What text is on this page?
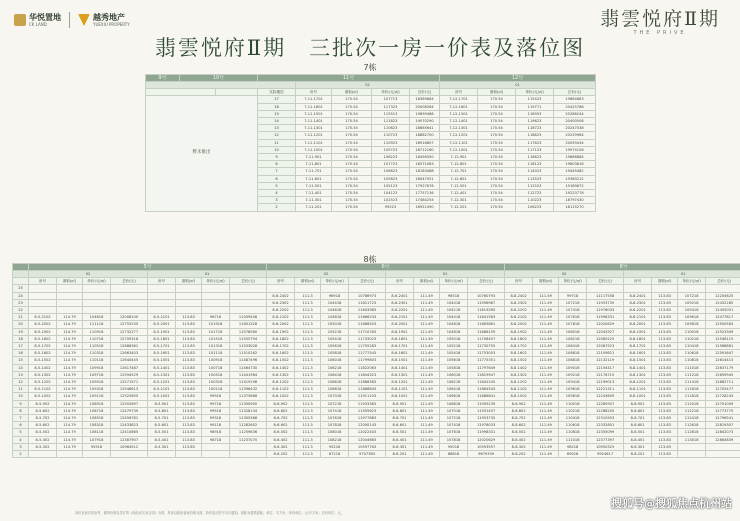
华悦置地
CK LAND
越秀地产
YUEXIU PROPERTY	翡雲悦府Ⅱ期
THE PRIVE
翡雲悦府Ⅱ期　三批次一房一价表及落位图
7栋
9号	10号		11号					12号			
				02				01			
			实际楼层	房号	面积(㎡)	单价(元/㎡)	总价(元)	房号	面积(㎡)	单价(元/㎡)	总价(元)
暂未推出			17	7-11-1701	170.54	107713	18369864	7-12-1701	170.54	115423	19684883
			16	7-11-1601	170.54	117323	20008264	7-12-1601	170.54	119771	20425788
			15	7-11-1501	170.54	115513	19699468	7-12-1501	170.54	118953	20286244
			14	7-11-1401	170.54	111823	19070290	7-12-1401	170.54	119623	20400508
			13	7-11-1301	170.54	110623	18865641	7-12-1301	170.54	118723	20247038
			12	7-11-1201	170.54	110723	18882700	7-12-1201	170.54	118623	20229984
			11	7-11-1101	170.54	110923	18916807	7-12-1101	170.54	117623	20059434
			10	7-11-1001	170.54	109723	18712160	7-12-1001	170.54	117123	19974156
			9	7-11-901	170.54	108223	18456350	7-12-901	170.54	116623	19888884
			8	7-11-801	170.54	107723	18371083	7-12-801	170.54	116123	19803616
			7	7-11-701	170.54	106623	18183488	7-12-701	170.54	114023	19445482
			6	7-11-601	170.54	105823	18047051	7-12-601	170.54	113523	19360212
			5	7-11-501	170.54	105123	17927676	7-12-501	170.54	112523	19189672
			4	7-11-401	170.54	104123	17757136	7-12-401	170.54	112723	19223778
			3	7-11-301	170.54	102523	17484254	7-12-301	170.54	110223	18797430
			2	7-11-201	170.54	99223	16921490	7-12-201	170.54	106223	18115270
8栋
	5号								6号								8号							
	02				01				02				01				02				01			
	房号	面积(㎡)	单价(元/㎡)	总价(元)	房号	面积(㎡)	单价(元/㎡)	总价(元)	房号	面积(㎡)	单价(元/㎡)	总价(元)	房号	面积(㎡)	单价(元/㎡)	总价(元)	房号	面积(㎡)	单价(元/㎡)	总价(元)	房号	面积(㎡)	单价(元/㎡)	总价(元)
25																								
24									8-6-2402	111.3	96918	10786973	8-6-2401	111.49	96518	10760793	8-8-2402	111.49	99718	11117558	8-8-2401	113.83	107218	12204625
23									8-6-2302	111.3	104418	11621723	8-6-2301	111.49	104018	11596967	8-8-2302	111.49	107218	11953735	8-8-2301	113.83	109218	12432285
22									8-6-2202	111.3	104618	11643983	8-6-2201	111.49	104218	11619265	8-8-2202	111.49	107418	11976033	8-8-2201	113.83	109418	12455051
21	8-5-2102	114.79	104618	12008100	8-5-2101	113.83	96718	11009408	8-6-2102	111.3	104818	11666243	8-6-2101	111.49	104418	11641563	8-8-2102	111.49	107618	11998331	8-8-2101	113.83	109618	12477817
20	8-5-2002	114.79	111118	12755235	8-5-2001	113.83	101918	11601328	8-6-2002	111.3	105018	11688503	8-6-2001	111.49	104618	11663861	8-8-2002	111.49	107818	12020629	8-8-2001	113.83	109818	12500583
19	8-5-1902	114.79	110918	12732277	8-5-1901	113.83	101718	11578560	8-6-1902	111.3	105218	11710763	8-6-1901	111.49	104818	11686159	8-8-1902	111.49	108018	12042927	8-8-1901	113.83	110018	12523349
18	8-5-1802	114.79	110718	12709318	8-5-1801	113.83	101518	11555794	8-6-1802	111.3	105418	11733023	8-6-1801	111.49	105018	11708457	8-8-1802	111.49	108218	12065225	8-8-1801	113.83	110218	12546115
17	8-5-1702	114.79	110518	12686361	8-5-1701	113.83	101318	11533028	8-6-1702	111.3	105618	11755283	8-6-1701	111.49	105218	11730755	8-8-1702	111.49	108418	12087523	8-8-1701	113.83	110418	12568881
16	8-5-1602	114.79	110318	12663403	8-5-1601	113.83	101118	11510262	8-6-1602	111.3	105818	11777543	8-6-1601	111.49	105418	11753053	8-8-1602	111.49	108618	12109821	8-8-1601	113.83	110618	12591647
15	8-5-1502	114.79	110118	12640445	8-5-1501	113.83	100918	11487496	8-6-1502	111.3	106018	11799803	8-6-1501	111.49	105618	11775351	8-8-1502	111.49	108818	12132119	8-8-1501	113.83	110818	12614413
14	8-5-1402	114.79	109918	12617487	8-5-1401	113.83	100718	11464730	8-6-1402	111.3	106218	11822063	8-6-1401	111.49	105818	11797649	8-8-1402	111.49	109018	12154417	8-8-1401	113.83	111018	12637179
13	8-5-1302	114.79	109718	12594529	8-5-1301	113.83	100518	11441964	8-6-1302	111.3	106418	11844323	8-6-1301	111.49	106018	11819947	8-8-1302	111.49	109218	12176715	8-8-1301	113.83	111218	12659945
12	8-5-1202	114.79	109518	12571571	8-5-1201	113.83	100318	11419198	8-6-1202	111.3	106618	11866583	8-6-1201	111.49	106218	11842245	8-8-1202	111.49	109418	12199013	8-8-1201	113.83	111418	12682711
11	8-5-1102	114.79	109318	12548613	8-5-1101	113.83	100118	11396432	8-6-1102	111.3	106818	11888843	8-6-1101	111.49	106418	11864543	8-8-1102	111.49	109618	12221311	8-8-1101	113.83	111618	12705477
10	8-5-1002	114.79	109118	12525655	8-5-1001	113.83	99918	11373666	8-6-1002	111.3	107018	11911103	8-6-1001	111.49	106618	11886841	8-8-1002	111.49	109818	12243609	8-8-1001	113.83	111818	12728243
9	8-5-902	114.79	108918	12502697	8-5-901	113.83	99718	11350900	8-6-902	111.3	107218	11933363	8-6-901	111.49	106818	11909139	8-8-902	111.49	110018	12265907	8-8-901	113.83	112018	12751009
8	8-5-802	114.79	108718	12479739	8-5-801	113.83	99518	11328134	8-6-802	111.3	107418	11955623	8-6-801	111.49	107018	11931437	8-8-802	111.49	110218	12288205	8-8-801	113.83	112218	12773775
7	8-5-702	114.79	108518	12456781	8-5-701	113.83	99318	11305368	8-6-702	111.3	107618	11977883	8-6-701	111.49	107218	11953735	8-8-702	111.49	110418	12310503	8-8-701	113.83	112418	12796541
6	8-5-602	114.79	108318	12433823	8-5-601	113.83	99118	11282602	8-6-602	111.3	107818	12000143	8-6-601	111.49	107418	11976033	8-8-602	111.49	110618	12332801	8-8-601	113.83	112618	12819307
5	8-5-502	114.79	108118	12410865	8-5-501	113.83	98918	11259836	8-6-502	111.3	108018	12022403	8-6-501	111.49	107618	11998331	8-8-502	111.49	110818	12355099	8-8-501	113.83	112818	12842073
4	8-5-402	114.79	107918	12387907	8-5-401	113.83	98718	11237070	8-6-402	111.3	108218	12044663	8-6-401	111.49	107818	12020629	8-8-402	111.49	111018	12377397	8-8-401	113.83	113018	12864839
3	8-5-302	114.79	95518	10964512	8-5-301	113.83			8-6-302	111.3	95218	10597763	8-6-301	111.49	95018	10593557	8-8-302	111.49	98218	10950325	8-8-301	113.83		
2									8-6-202	111.3	87218	9707363	8-6-201	111.49	86818	9679339	8-8-202	111.49	89018	9924617	8-8-201	113.83		
本价目表仅供参考，最终价格以签订的《商品房买卖合同》为准，具体以政府备案价格为准，如有变动恕不另行通知。面积为建筑面积，单位：平方米；单价单位：元/平方米；总价单位：元。
搜狐号@搜狐焦点杭州站
